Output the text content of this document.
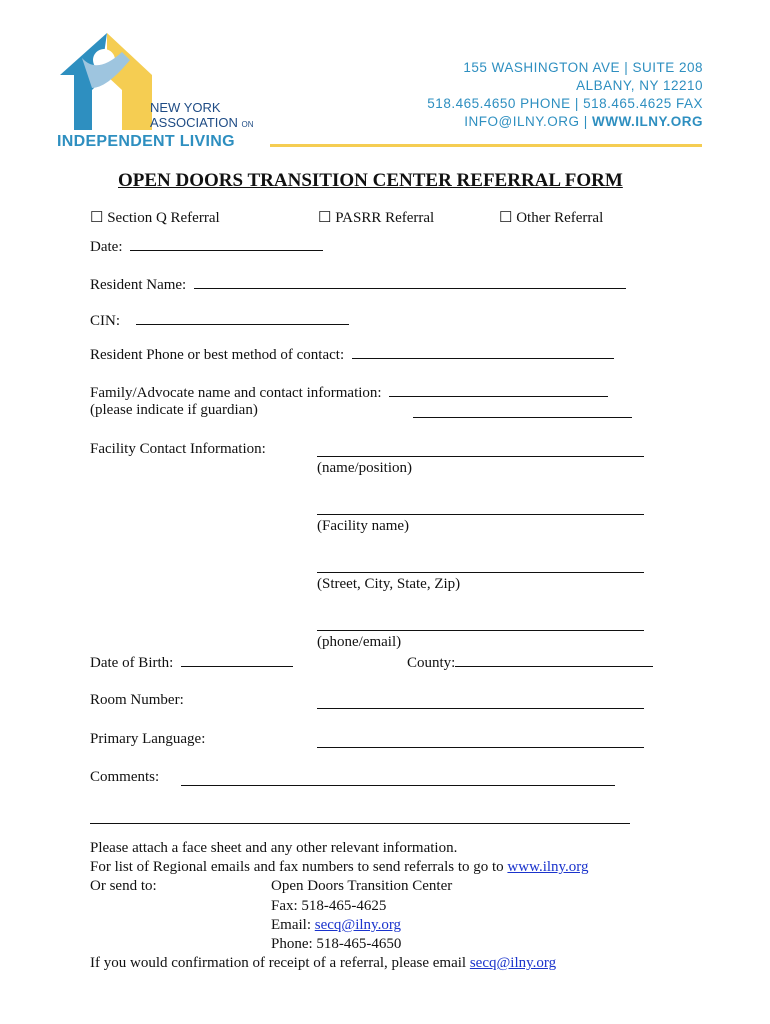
NEW YORK
ASSOCIATION ON
INDEPENDENT LIVING
155 WASHINGTON AVE | SUITE 208
ALBANY, NY 12210
518.465.4650 PHONE | 518.465.4625 FAX
INFO@ILNY.ORG | WWW.ILNY.ORG
OPEN DOORS TRANSITION CENTER REFERRAL FORM
☐ Section Q Referral	☐ PASRR Referral	☐ Other Referral
Date:
Resident Name:
CIN:
Resident Phone or best method of contact:
Family/Advocate name and contact information:
(please indicate if guardian)
Facility Contact Information:
(name/position)
(Facility name)
(Street, City, State, Zip)
(phone/email)
Date of Birth:	County:
Room Number:
Primary Language:
Comments:
Please attach a face sheet and any other relevant information.
For list of Regional emails and fax numbers to send referrals to go to www.ilny.org
Or send to:	Open Doors Transition Center
Fax: 518-465-4625
Email: secq@ilny.org
Phone: 518-465-4650
If you would confirmation of receipt of a referral, please email secq@ilny.org
